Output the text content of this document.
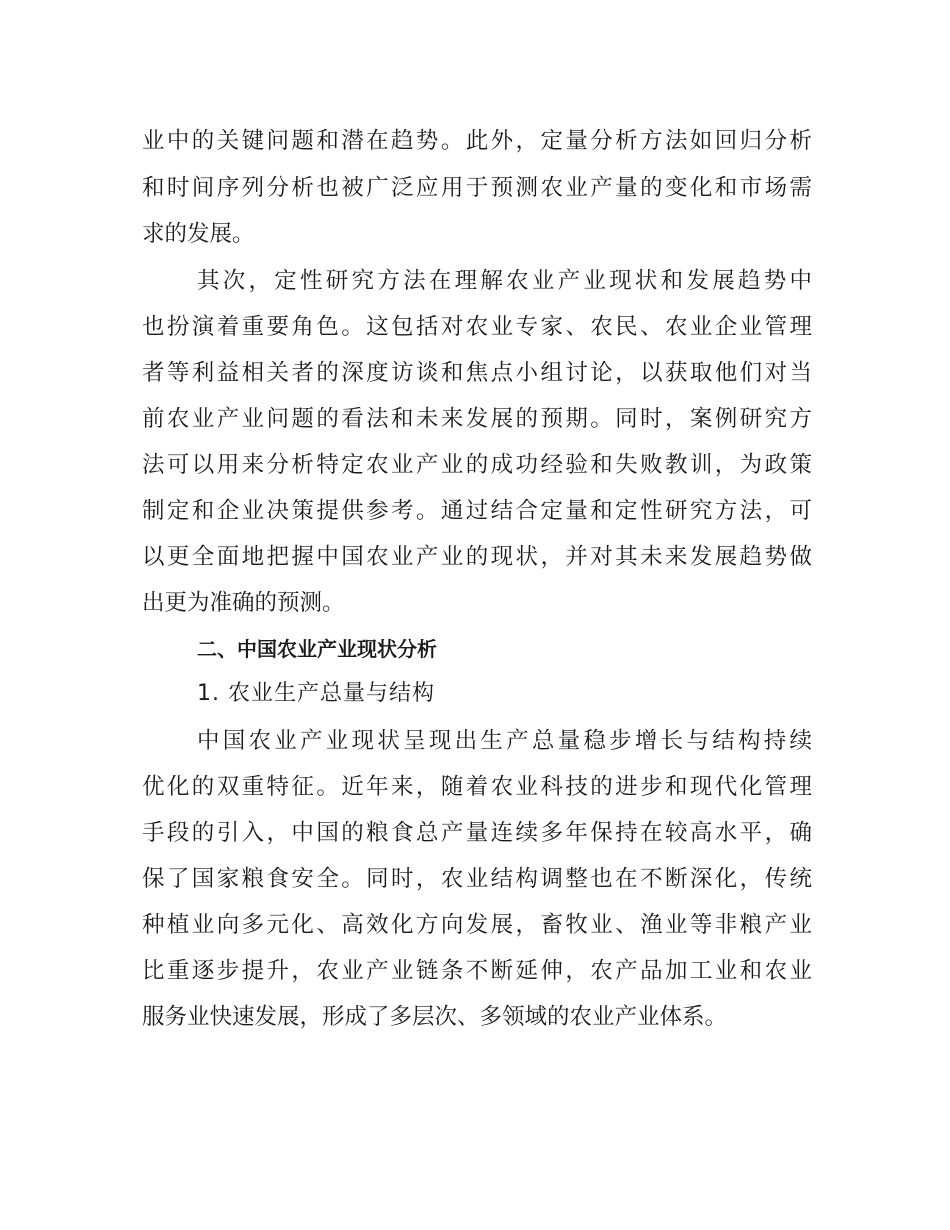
业中的关键问题和潜在趋势。此外，定量分析方法如回归分析
和时间序列分析也被广泛应用于预测农业产量的变化和市场需
求的发展。
其次，定性研究方法在理解农业产业现状和发展趋势中
也扮演着重要角色。这包括对农业专家、农民、农业企业管理
者等利益相关者的深度访谈和焦点小组讨论，以获取他们对当
前农业产业问题的看法和未来发展的预期。同时，案例研究方
法可以用来分析特定农业产业的成功经验和失败教训，为政策
制定和企业决策提供参考。通过结合定量和定性研究方法，可
以更全面地把握中国农业产业的现状，并对其未来发展趋势做
出更为准确的预测。
二、中国农业产业现状分析
1. 农业生产总量与结构
中国农业产业现状呈现出生产总量稳步增长与结构持续
优化的双重特征。近年来，随着农业科技的进步和现代化管理
手段的引入，中国的粮食总产量连续多年保持在较高水平，确
保了国家粮食安全。同时，农业结构调整也在不断深化，传统
种植业向多元化、高效化方向发展，畜牧业、渔业等非粮产业
比重逐步提升，农业产业链条不断延伸，农产品加工业和农业
服务业快速发展，形成了多层次、多领域的农业产业体系。
